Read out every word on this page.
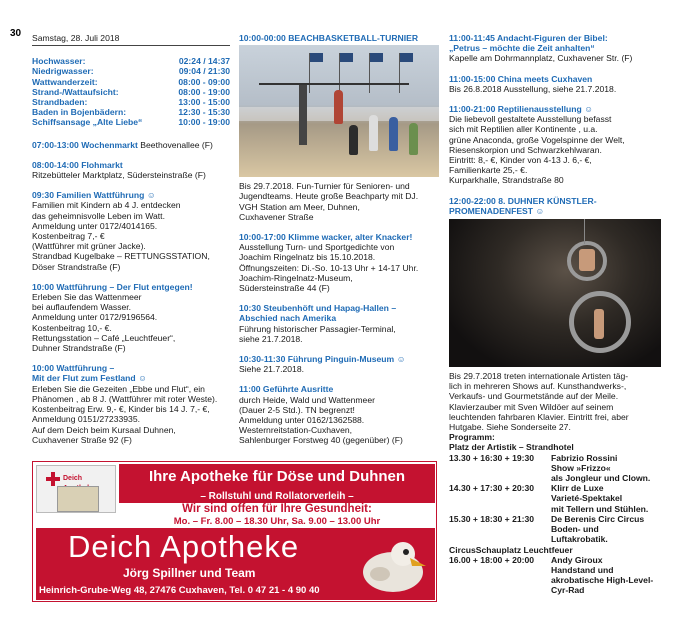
30 Samstag, 28. Juli 2018
Hochwasser:	02:24 / 14:37
Niedrigwasser:	09:04 / 21:30
Wattwanderzeit:	08:00 - 09:00
Strand-/Wattaufsicht:	08:00 - 19:00
Strandbaden:	13:00 - 15:00
Baden in Bojenbädern:	12:30 - 15:30
Schiffsansage „Alte Liebe“	10:00 - 19:00
07:00-13:00 Wochenmarkt Beethovenallee (F)
08:00-14:00 Flohmarkt
Ritzebütteler Marktplatz, Südersteinstraße (F)
09:30 Familien Wattführung ☺
Familien mit Kindern ab 4 J. entdecken
das geheimnisvolle Leben im Watt.
Anmeldung unter 0172/4014165.
Kostenbeitrag 7,- €
(Wattführer mit grüner Jacke).
Strandbad Kugelbake – RETTUNGSSTATION,
Döser Strandstraße (F)
10:00 Wattführung – Der Flut entgegen!
Erleben Sie das Wattenmeer
bei auflaufendem Wasser.
Anmeldung unter 0172/9196564.
Kostenbeitrag 10,- €.
Rettungsstation – Café „Leuchtfeuer“,
Duhner Strandstraße (F)
10:00 Wattführung –
Mit der Flut zum Festland ☺
Erleben Sie die Gezeiten „Ebbe und Flut“, ein
Phänomen , ab 8 J. (Wattführer mit roter Weste).
Kostenbeitrag Erw. 9,- €, Kinder bis 14 J. 7,- €,
Anmeldung 0151/27233935.
Auf dem Deich beim Kursaal Duhnen,
Cuxhavener Straße 92 (F)
10:00-00:00 BEACHBASKETBALL-TURNIER
Bis 29.7.2018. Fun-Turnier für Senioren- und
Jugendteams. Heute große Beachparty mit DJ.
VGH Station am Meer, Duhnen,
Cuxhavener Straße
10:00-17:00 Klimme wacker, alter Knacker!
Ausstellung Turn- und Sportgedichte von
Joachim Ringelnatz bis 15.10.2018.
Öffnungszeiten: Di.-So. 10-13 Uhr + 14-17 Uhr.
Joachim-Ringelnatz-Museum,
Südersteinstraße 44 (F)
10:30 Steubenhöft und Hapag-Hallen –
Abschied nach Amerika
Führung historischer Passagier-Terminal,
siehe 21.7.2018.
10:30-11:30 Führung Pinguin-Museum ☺
Siehe 21.7.2018.
11:00 Geführte Ausritte
durch Heide, Wald und Wattenmeer
(Dauer 2-5 Std.). TN begrenzt!
Anmeldung unter 0162/1362588.
Westernreitstation-Cuxhaven,
Sahlenburger Forstweg 40 (gegenüber) (F)
11:00-11:45 Andacht-Figuren der Bibel:
„Petrus – möchte die Zeit anhalten“
Kapelle am Dohrmannplatz, Cuxhavener Str. (F)
11:00-15:00 China meets Cuxhaven
Bis 26.8.2018 Ausstellung, siehe 21.7.2018.
11:00-21:00 Reptilienausstellung ☺
Die liebevoll gestaltete Ausstellung befasst
sich mit Reptilien aller Kontinente , u.a.
grüne Anaconda, große Vogelspinne der Welt,
Riesenskorpion und Schwarzkehlwaran.
Eintritt: 8,- €, Kinder von 4-13 J. 6,- €,
Familienkarte 25,- €.
Kurparkhalle, Strandstraße 80
12:00-22:00 8. DUHNER KÜNSTLER-
PROMENADENFEST ☺
Bis 29.7.2018 treten internationale Artisten täg-
lich in mehreren Shows auf. Kunsthandwerks-,
Verkaufs- und Gourmetstände auf der Meile.
Klavierzauber mit Sven Wildöer auf seinem
leuchtenden fahrbaren Klavier. Eintritt frei, aber
Hutgabe. Siehe Sonderseite 27.
Programm:
Platz der Artistik – Strandhotel
13.30 + 16:30 + 19:30	Fabrizio Rossini
Show »Frizzo«
als Jongleur und Clown.
14.30 + 17:30 + 20:30	Klirr de Luxe
Varieté-Spektakel
mit Tellern und Stühlen.
15.30 + 18:30 + 21:30	De Berenis Circ Circus
Boden- und
Luftakrobatik.
CircusSchauplatz Leuchtfeuer
16.00 + 18:00 + 20:00	Andy Giroux
Handstand und
akrobatische High-Level-
Cyr-Rad
Deich	Ihre Apotheke für Döse und Duhnen
– Rollstuhl und Rollatorverleih –
Wir sind offen für Ihre Gesundheit:
Mo. – Fr. 8.00 – 18.30 Uhr, Sa. 9.00 – 13.00 Uhr
Deich Apotheke
Jörg Spillner und Team
Heinrich-Grube-Weg 48, 27476 Cuxhaven, Tel. 0 47 21 - 4 90 40
